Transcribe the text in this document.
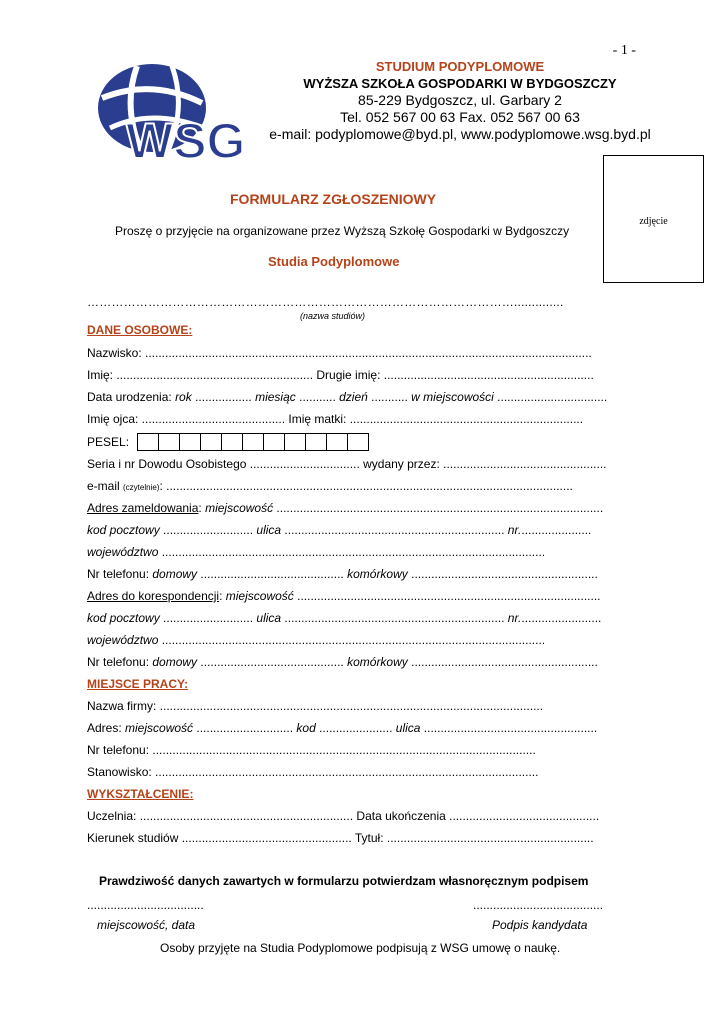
- 1 -
WSG
STUDIUM PODYPLOMOWE
WYŻSZA SZKOŁA GOSPODARKI W BYDGOSZCZY
85-229 Bydgoszcz, ul. Garbary 2
Tel. 052 567 00 63 Fax. 052 567 00 63
e-mail: podyplomowe@byd.pl, www.podyplomowe.wsg.byd.pl
zdjęcie
FORMULARZ ZGŁOSZENIOWY
Proszę o przyjęcie na organizowane przez Wyższą Szkołę Gospodarki w Bydgoszczy
Studia Podyplomowe
……………………………………………………………………………………………..............
(nazwa studiów)
DANE OSOBOWE:
Nazwisko: ......................................................................................................................................
Imię: ........................................................... Drugie imię: ...............................................................
Data urodzenia: rok ................. miesiąc ........... dzień ........... w miejscowości .................................
Imię ojca: ........................................... Imię matki: ......................................................................
PESEL:
Seria i nr Dowodu Osobistego ................................. wydany przez: .................................................
e-mail (czytelnie): ..........................................................................................................................
Adres zameldowania: miejscowość ..................................................................................................
kod pocztowy ........................... ulica .................................................................. nr......................
województwo ...................................................................................................................
Nr telefonu: domowy ........................................... komórkowy ........................................................
Adres do korespondencji: miejscowość ...........................................................................................
kod pocztowy ........................... ulica .................................................................. nr.........................
województwo ...................................................................................................................
Nr telefonu: domowy ........................................... komórkowy ........................................................
MIEJSCE PRACY:
Nazwa firmy: ...................................................................................................................
Adres: miejscowość ............................. kod ...................... ulica ....................................................
Nr telefonu: ...................................................................................................................
Stanowisko: ...................................................................................................................
WYKSZTAŁCENIE:
Uczelnia: ................................................................ Data ukończenia .............................................
Kierunek studiów ................................................... Tytuł: ..............................................................
Prawdziwość danych zawartych w formularzu potwierdzam własnoręcznym podpisem
...................................	.......................................
miejscowość, data	Podpis kandydata
Osoby przyjęte na Studia Podyplomowe podpisują z WSG umowę o naukę.
